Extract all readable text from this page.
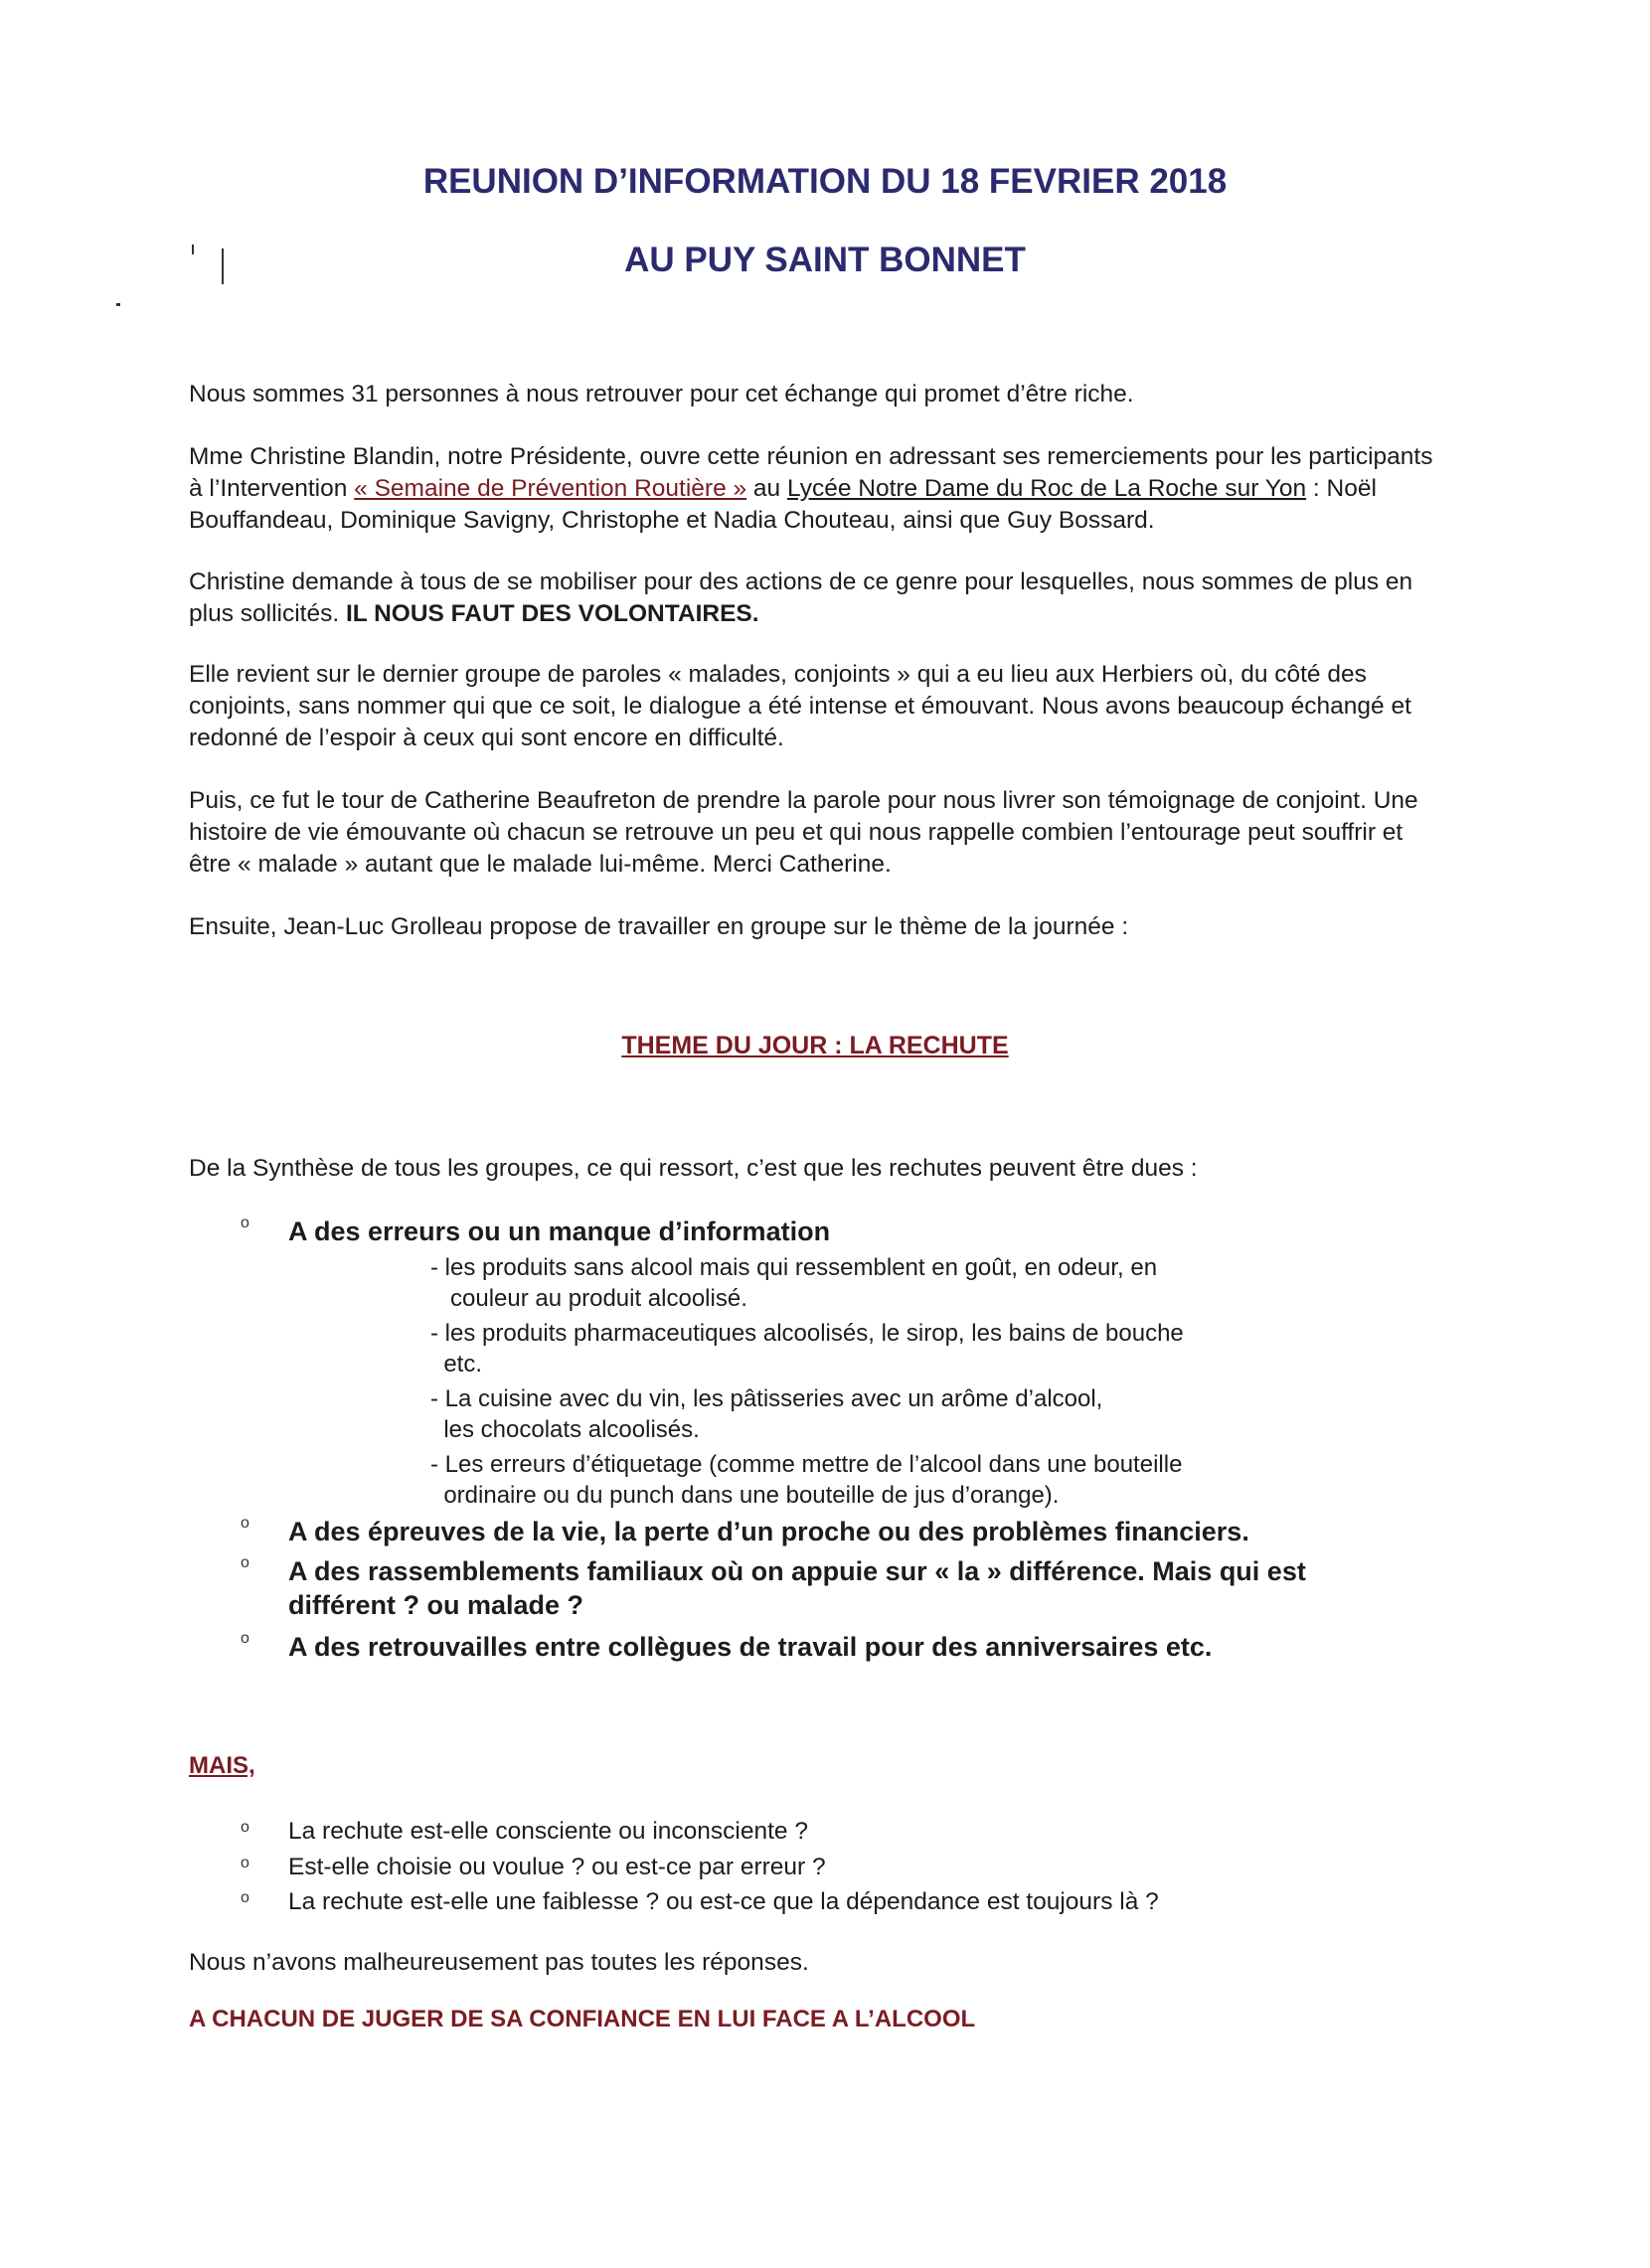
REUNION D’INFORMATION DU 18 FEVRIER 2018
AU PUY SAINT BONNET

Nous sommes 31 personnes à nous retrouver pour cet échange qui promet d’être riche.

Mme Christine Blandin, notre Présidente, ouvre cette réunion en adressant ses remerciements pour les participants à l’Intervention « Semaine de Prévention Routière » au Lycée Notre Dame du Roc de La Roche sur Yon : Noël Bouffandeau, Dominique Savigny, Christophe et Nadia Chouteau, ainsi que Guy Bossard.

Christine demande à tous de se mobiliser pour des actions de ce genre pour lesquelles, nous sommes de plus en plus sollicités. IL NOUS FAUT DES VOLONTAIRES.

Elle revient sur le dernier groupe de paroles « malades, conjoints » qui a eu lieu aux Herbiers où, du côté des conjoints, sans nommer qui que ce soit, le dialogue a été intense et émouvant. Nous avons beaucoup échangé et redonné de l’espoir à ceux qui sont encore en difficulté.

Puis, ce fut le tour de Catherine Beaufreton de prendre la parole pour nous livrer son témoignage de conjoint. Une histoire de vie émouvante où chacun se retrouve un peu et qui nous rappelle combien l’entourage peut souffrir et être « malade » autant que le malade lui-même. Merci Catherine.

Ensuite, Jean-Luc Grolleau propose de travailler en groupe sur le thème de la journée :

THEME DU JOUR : LA RECHUTE

De la Synthèse de tous les groupes, ce qui ressort, c’est que les rechutes peuvent être dues :

o A des erreurs ou un manque d’information

- les produits sans alcool mais qui ressemblent en goût, en odeur, en

couleur au produit alcoolisé.

- les produits pharmaceutiques alcoolisés, le sirop, les bains de bouche

etc.

- La cuisine avec du vin, les pâtisseries avec un arôme d’alcool,

les chocolats alcoolisés.

- Les erreurs d’étiquetage (comme mettre de l’alcool dans une bouteille

ordinaire ou du punch dans une bouteille de jus d’orange).

o A des épreuves de la vie, la perte d’un proche ou des problèmes financiers.

o A des rassemblements familiaux où on appuie sur « la » différence. Mais qui est différent ? ou malade ?

o A des retrouvailles entre collègues de travail pour des anniversaires etc.

MAIS,

o La rechute est-elle consciente ou inconsciente ?

o Est-elle choisie ou voulue ? ou est-ce par erreur ?

o La rechute est-elle une faiblesse ? ou est-ce que la dépendance est toujours là ?

Nous n’avons malheureusement pas toutes les réponses.

A CHACUN DE JUGER DE SA CONFIANCE EN LUI FACE A L’ALCOOL
